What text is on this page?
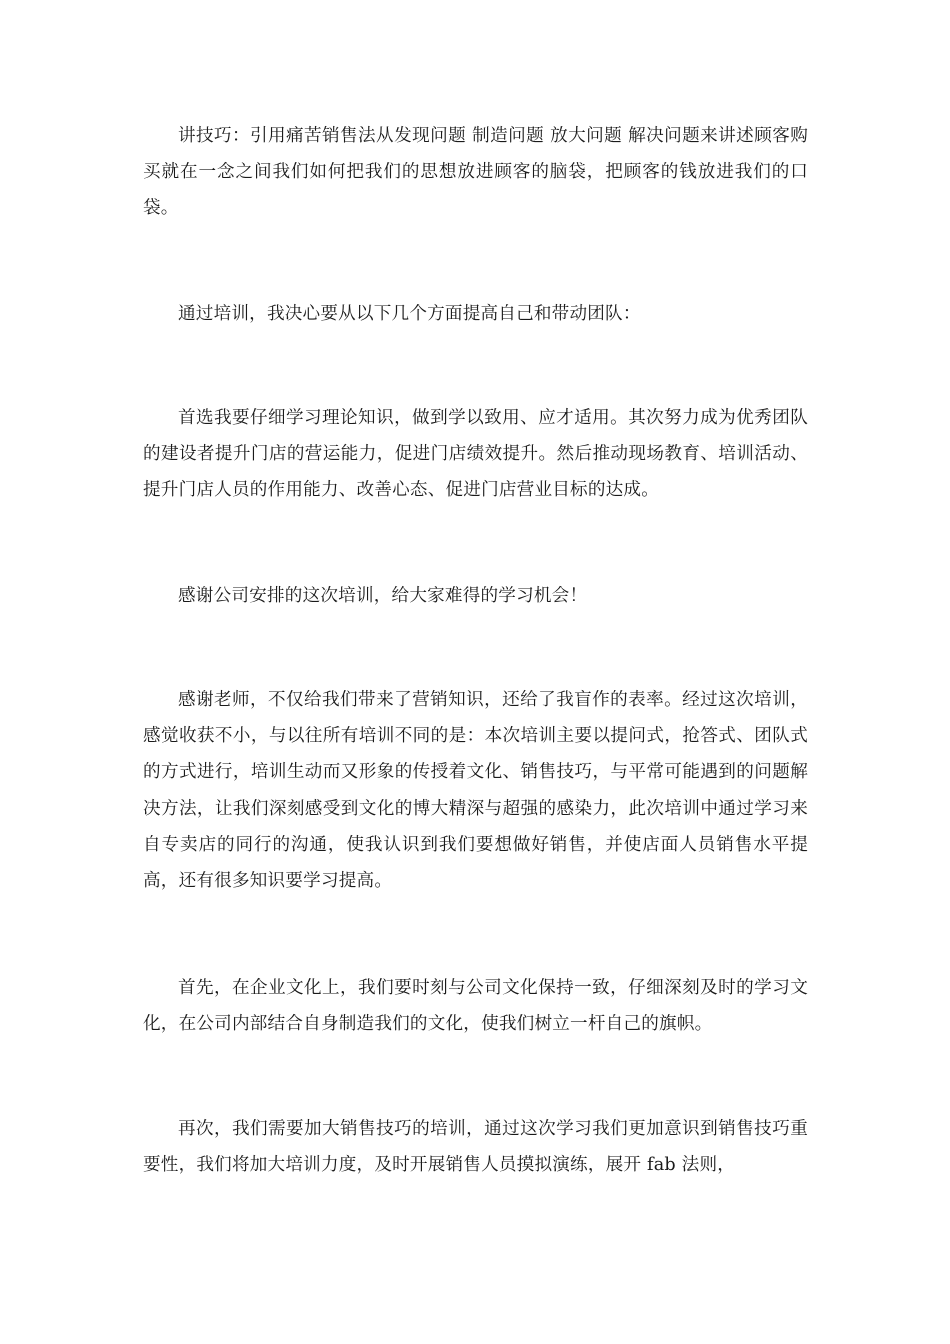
讲技巧：引用痛苦销售法从发现问题 制造问题 放大问题 解决问题来讲述顾客购买就在一念之间我们如何把我们的思想放进顾客的脑袋，把顾客的钱放进我们的口袋。

通过培训，我决心要从以下几个方面提高自己和带动团队：

首选我要仔细学习理论知识，做到学以致用、应才适用。其次努力成为优秀团队的建设者提升门店的营运能力，促进门店绩效提升。然后推动现场教育、培训活动、提升门店人员的作用能力、改善心态、促进门店营业目标的达成。

感谢公司安排的这次培训，给大家难得的学习机会！

感谢老师，不仅给我们带来了营销知识，还给了我盲作的表率。经过这次培训，感觉收获不小，与以往所有培训不同的是：本次培训主要以提问式，抢答式、团队式的方式进行，培训生动而又形象的传授着文化、销售技巧，与平常可能遇到的问题解决方法，让我们深刻感受到文化的博大精深与超强的感染力，此次培训中通过学习来自专卖店的同行的沟通，使我认识到我们要想做好销售，并使店面人员销售水平提高，还有很多知识要学习提高。

首先，在企业文化上，我们要时刻与公司文化保持一致，仔细深刻及时的学习文化，在公司内部结合自身制造我们的文化，使我们树立一杆自己的旗帜。

再次，我们需要加大销售技巧的培训，通过这次学习我们更加意识到销售技巧重要性，我们将加大培训力度，及时开展销售人员摸拟演练，展开 fab 法则，
